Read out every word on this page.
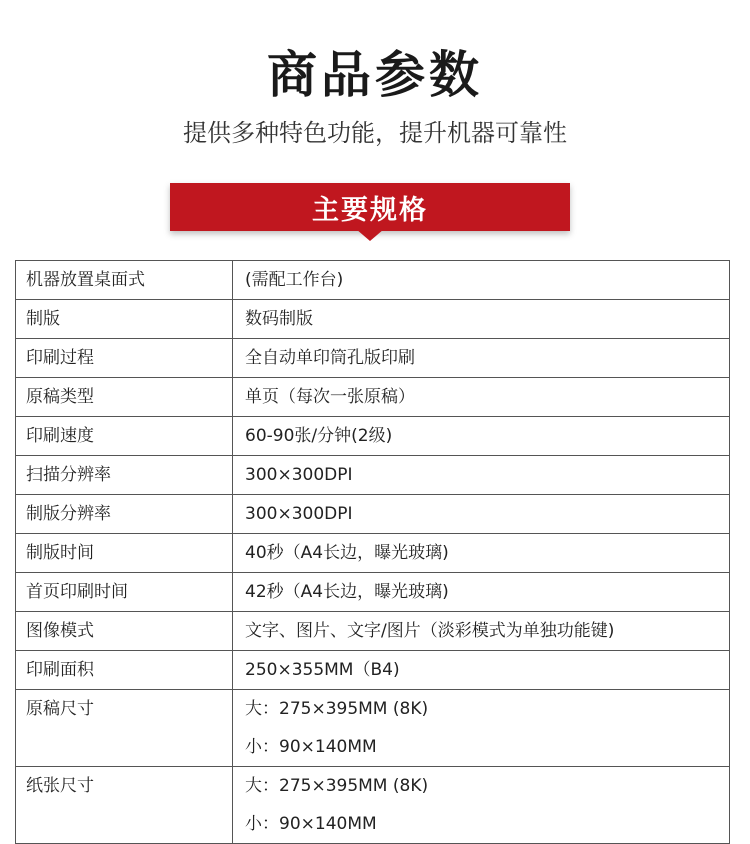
商品参数
提供多种特色功能，提升机器可靠性
主要规格
机器放置桌面式	(需配工作台)

制版	数码制版

印刷过程	全自动单印筒孔版印刷

原稿类型	单页（每次一张原稿）

印刷速度	60-90张/分钟(2级)

扫描分辨率	300×300DPI

制版分辨率	300×300DPI

制版时间	40秒（A4长边，曝光玻璃)

首页印刷时间	42秒（A4长边，曝光玻璃)

图像模式	文字、图片、文字/图片（淡彩模式为单独功能键)

印刷面积	250×355MM（B4)

原稿尺寸	大：275×395MM (8K)
小：90×140MM

纸张尺寸	大：275×395MM (8K)
小：90×140MM
